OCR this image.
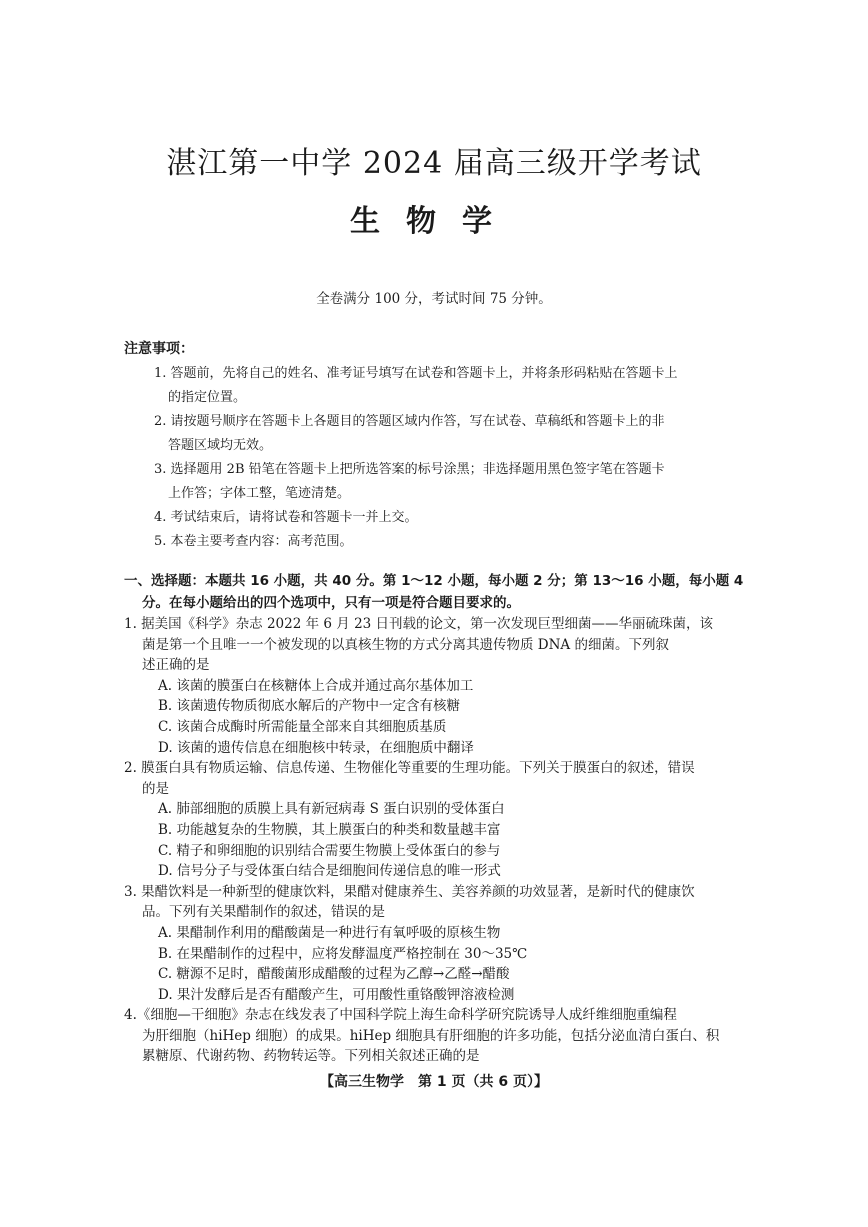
湛江第一中学 2024 届高三级开学考试
生物学
全卷满分 100 分，考试时间 75 分钟。
注意事项：
1. 答题前，先将自己的姓名、准考证号填写在试卷和答题卡上，并将条形码粘贴在答题卡上
的指定位置。
2. 请按题号顺序在答题卡上各题目的答题区域内作答，写在试卷、草稿纸和答题卡上的非
答题区域均无效。
3. 选择题用 2B 铅笔在答题卡上把所选答案的标号涂黑；非选择题用黑色签字笔在答题卡
上作答；字体工整，笔迹清楚。
4. 考试结束后，请将试卷和答题卡一并上交。
5. 本卷主要考查内容：高考范围。
一、选择题：本题共 16 小题，共 40 分。第 1～12 小题，每小题 2 分；第 13～16 小题，每小题 4
分。在每小题给出的四个选项中，只有一项是符合题目要求的。
1. 据美国《科学》杂志 2022 年 6 月 23 日刊载的论文，第一次发现巨型细菌——华丽硫珠菌，该
菌是第一个且唯一一个被发现的以真核生物的方式分离其遗传物质 DNA 的细菌。下列叙
述正确的是
A. 该菌的膜蛋白在核糖体上合成并通过高尔基体加工
B. 该菌遗传物质彻底水解后的产物中一定含有核糖
C. 该菌合成酶时所需能量全部来自其细胞质基质
D. 该菌的遗传信息在细胞核中转录，在细胞质中翻译
2. 膜蛋白具有物质运输、信息传递、生物催化等重要的生理功能。下列关于膜蛋白的叙述，错误
的是
A. 肺部细胞的质膜上具有新冠病毒 S 蛋白识别的受体蛋白
B. 功能越复杂的生物膜，其上膜蛋白的种类和数量越丰富
C. 精子和卵细胞的识别结合需要生物膜上受体蛋白的参与
D. 信号分子与受体蛋白结合是细胞间传递信息的唯一形式
3. 果醋饮料是一种新型的健康饮料，果醋对健康养生、美容养颜的功效显著，是新时代的健康饮
品。下列有关果醋制作的叙述，错误的是
A. 果醋制作利用的醋酸菌是一种进行有氧呼吸的原核生物
B. 在果醋制作的过程中，应将发酵温度严格控制在 30～35℃
C. 糖源不足时，醋酸菌形成醋酸的过程为乙醇→乙醛→醋酸
D. 果汁发酵后是否有醋酸产生，可用酸性重铬酸钾溶液检测
4.《细胞—干细胞》杂志在线发表了中国科学院上海生命科学研究院诱导人成纤维细胞重编程
为肝细胞（hiHep 细胞）的成果。hiHep 细胞具有肝细胞的许多功能，包括分泌血清白蛋白、积
累糖原、代谢药物、药物转运等。下列相关叙述正确的是
【高三生物学　第 1 页（共 6 页）】
